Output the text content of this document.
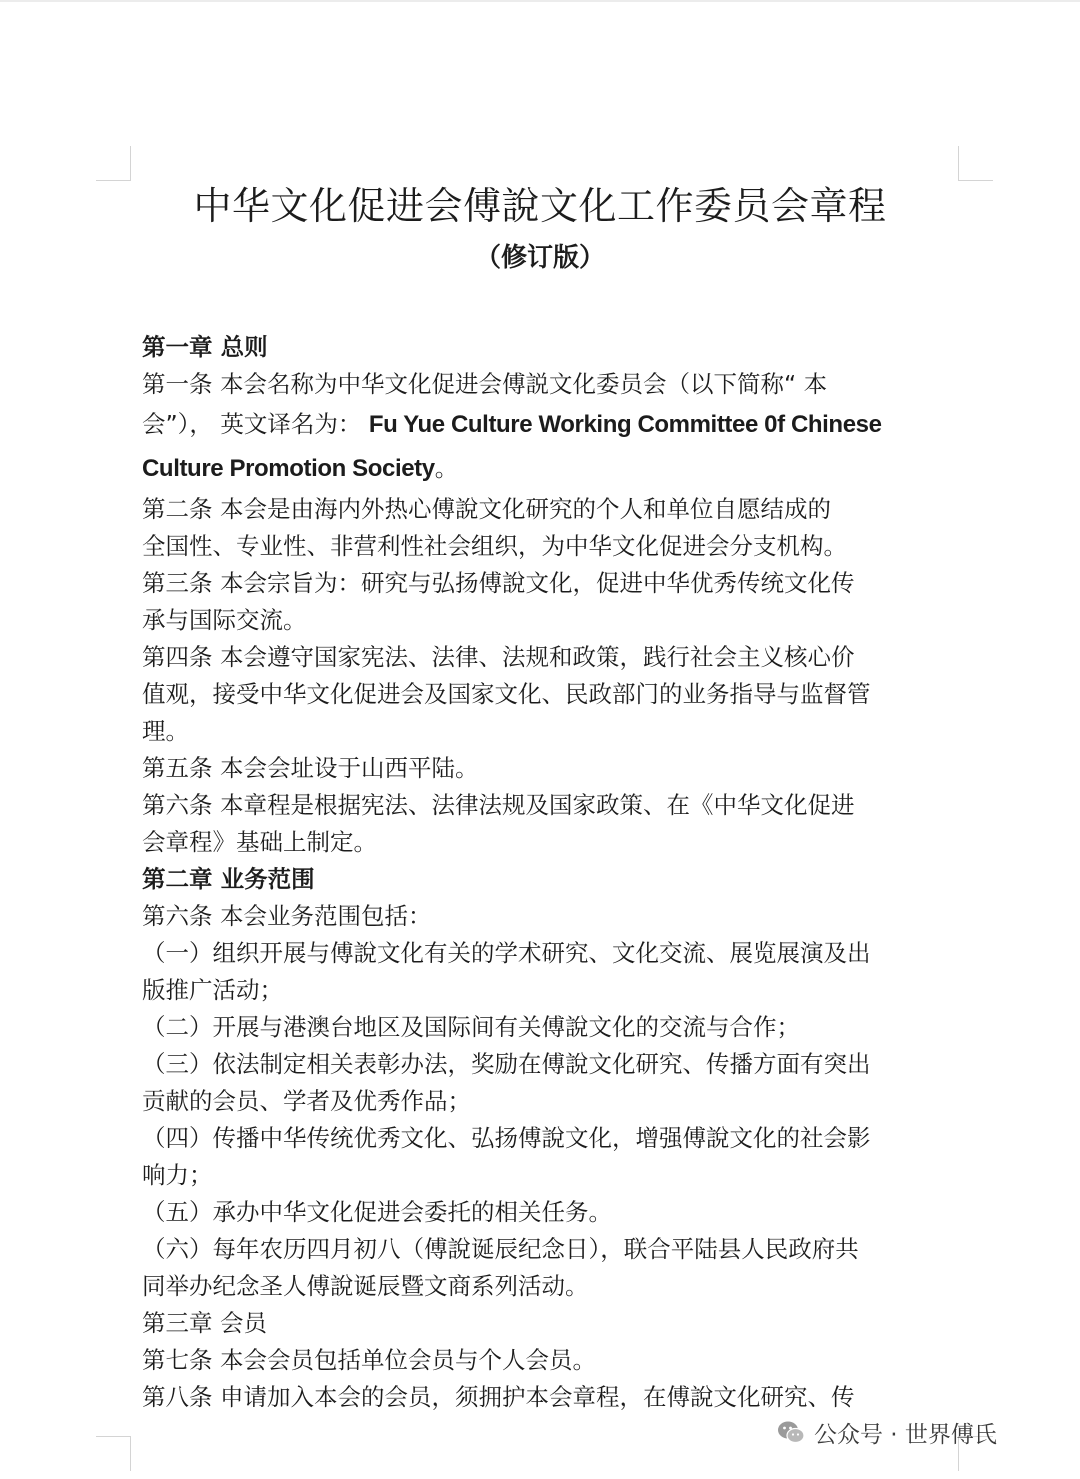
中华文化促进会傅說文化工作委员会章程
（修订版）
第一章 总则
第一条 本会名称为中华文化促进会傅説文化委员会（以下简称“ 本
会”）， 英文译名为： Fu Yue Culture Working Committee 0f Chinese
Culture Promotion Society。
第二条 本会是由海内外热心傅說文化研究的个人和单位自愿结成的
全国性、专业性、非营利性社会组织，为中华文化促进会分支机构。
第三条 本会宗旨为：研究与弘扬傅說文化，促进中华优秀传统文化传
承与国际交流。
第四条 本会遵守国家宪法、法律、法规和政策，践行社会主义核心价
值观，接受中华文化促进会及国家文化、民政部门的业务指导与监督管
理。
第五条 本会会址设于山西平陆。
第六条 本章程是根据宪法、法律法规及国家政策、在《中华文化促进
会章程》基础上制定。
第二章 业务范围
第六条 本会业务范围包括：
（一）组织开展与傅說文化有关的学术研究、文化交流、展览展演及出
版推广活动；
（二）开展与港澳台地区及国际间有关傅說文化的交流与合作；
（三）依法制定相关表彰办法，奖励在傅說文化研究、传播方面有突出
贡献的会员、学者及优秀作品；
（四）传播中华传统优秀文化、弘扬傅說文化，增强傅說文化的社会影
响力；
（五）承办中华文化促进会委托的相关任务。
（六）每年农历四月初八（傅說诞辰纪念日），联合平陆县人民政府共
同举办纪念圣人傅說诞辰暨文商系列活动。
第三章 会员
第七条 本会会员包括单位会员与个人会员。
第八条 申请加入本会的会员，须拥护本会章程，在傅說文化研究、传
公众号 · 世界傅氏
